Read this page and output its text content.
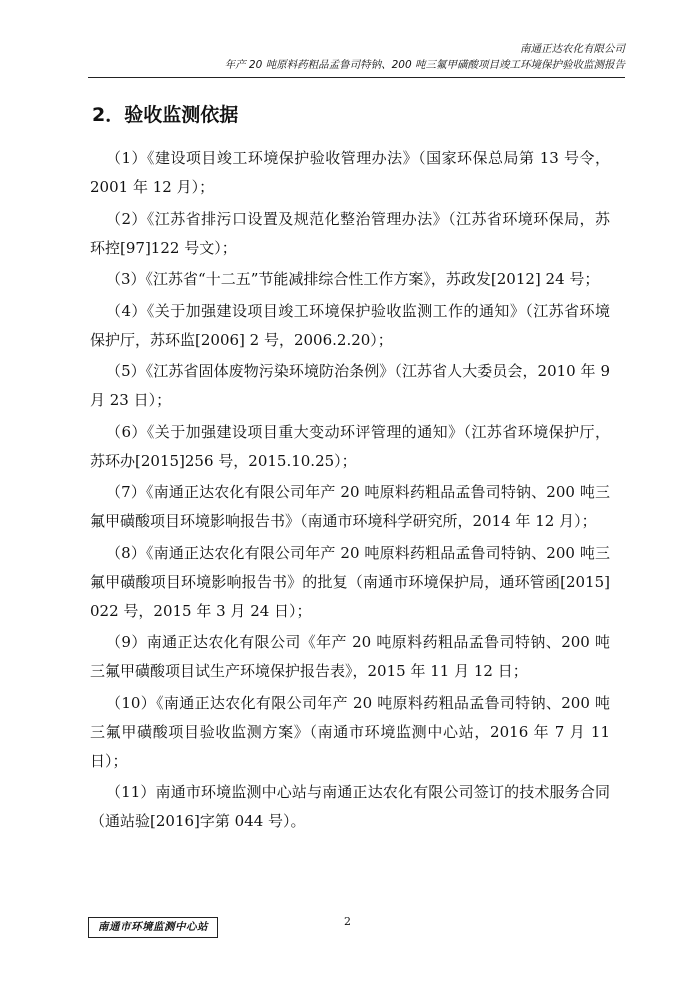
南通正达农化有限公司
年产 20 吨原料药粗品孟鲁司特钠、200 吨三氟甲磺酸项目竣工环境保护验收监测报告
2．验收监测依据

（1）《建设项目竣工环境保护验收管理办法》（国家环保总局第 13 号令，2001 年 12 月）；

（2）《江苏省排污口设置及规范化整治管理办法》（江苏省环境环保局，苏环控[97]122 号文）；

（3）《江苏省“十二五”节能减排综合性工作方案》，苏政发[2012] 24 号；

（4）《关于加强建设项目竣工环境保护验收监测工作的通知》（江苏省环境保护厅，苏环监[2006] 2 号，2006.2.20）；

（5）《江苏省固体废物污染环境防治条例》（江苏省人大委员会，2010 年 9 月 23 日）；

（6）《关于加强建设项目重大变动环评管理的通知》（江苏省环境保护厅，苏环办[2015]256 号，2015.10.25）；

（7）《南通正达农化有限公司年产 20 吨原料药粗品孟鲁司特钠、200 吨三氟甲磺酸项目环境影响报告书》（南通市环境科学研究所，2014 年 12 月）；

（8）《南通正达农化有限公司年产 20 吨原料药粗品孟鲁司特钠、200 吨三氟甲磺酸项目环境影响报告书》的批复（南通市环境保护局，通环管函[2015] 022 号，2015 年 3 月 24 日）；

（9）南通正达农化有限公司《年产 20 吨原料药粗品孟鲁司特钠、200 吨三氟甲磺酸项目试生产环境保护报告表》，2015 年 11 月 12 日；

（10）《南通正达农化有限公司年产 20 吨原料药粗品孟鲁司特钠、200 吨三氟甲磺酸项目验收监测方案》（南通市环境监测中心站，2016 年 7 月 11 日）；

（11）南通市环境监测中心站与南通正达农化有限公司签订的技术服务合同（通站验[2016]字第 044 号）。

南通市环境监测中心站	2
